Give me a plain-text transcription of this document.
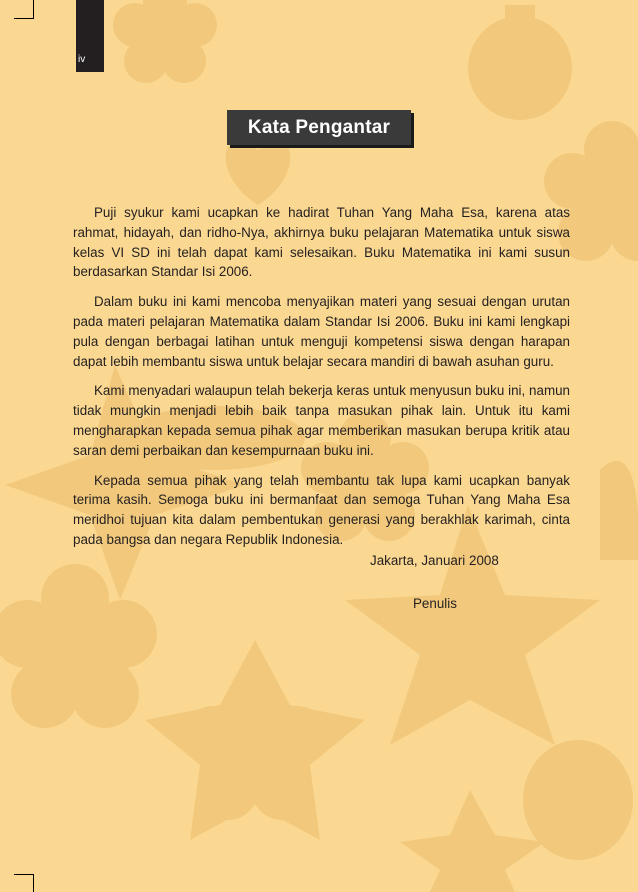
iv
Kata Pengantar

Puji syukur kami ucapkan ke hadirat Tuhan Yang Maha Esa, karena atas rahmat, hidayah, dan ridho-Nya, akhirnya buku pelajaran Matematika untuk siswa kelas VI SD ini telah dapat kami selesaikan. Buku Matematika ini kami susun berdasarkan Standar Isi 2006.

Dalam buku ini kami mencoba menyajikan materi yang sesuai dengan urutan pada materi pelajaran Matematika dalam Standar Isi 2006. Buku ini kami lengkapi pula dengan berbagai latihan untuk menguji kompetensi siswa dengan harapan dapat lebih membantu siswa untuk belajar secara mandiri di bawah asuhan guru.

Kami menyadari walaupun telah bekerja keras untuk menyusun buku ini, namun tidak mungkin menjadi lebih baik tanpa masukan pihak lain. Untuk itu kami mengharapkan kepada semua pihak agar memberikan masukan berupa kritik atau saran demi perbaikan dan kesempurnaan buku ini.

Kepada semua pihak yang telah membantu tak lupa kami ucapkan banyak terima kasih. Semoga buku ini bermanfaat dan semoga Tuhan Yang Maha Esa meridhoi tujuan kita dalam pembentukan generasi yang berakhlak karimah, cinta pada bangsa dan negara Republik Indonesia.

Jakarta, Januari 2008
Penulis
